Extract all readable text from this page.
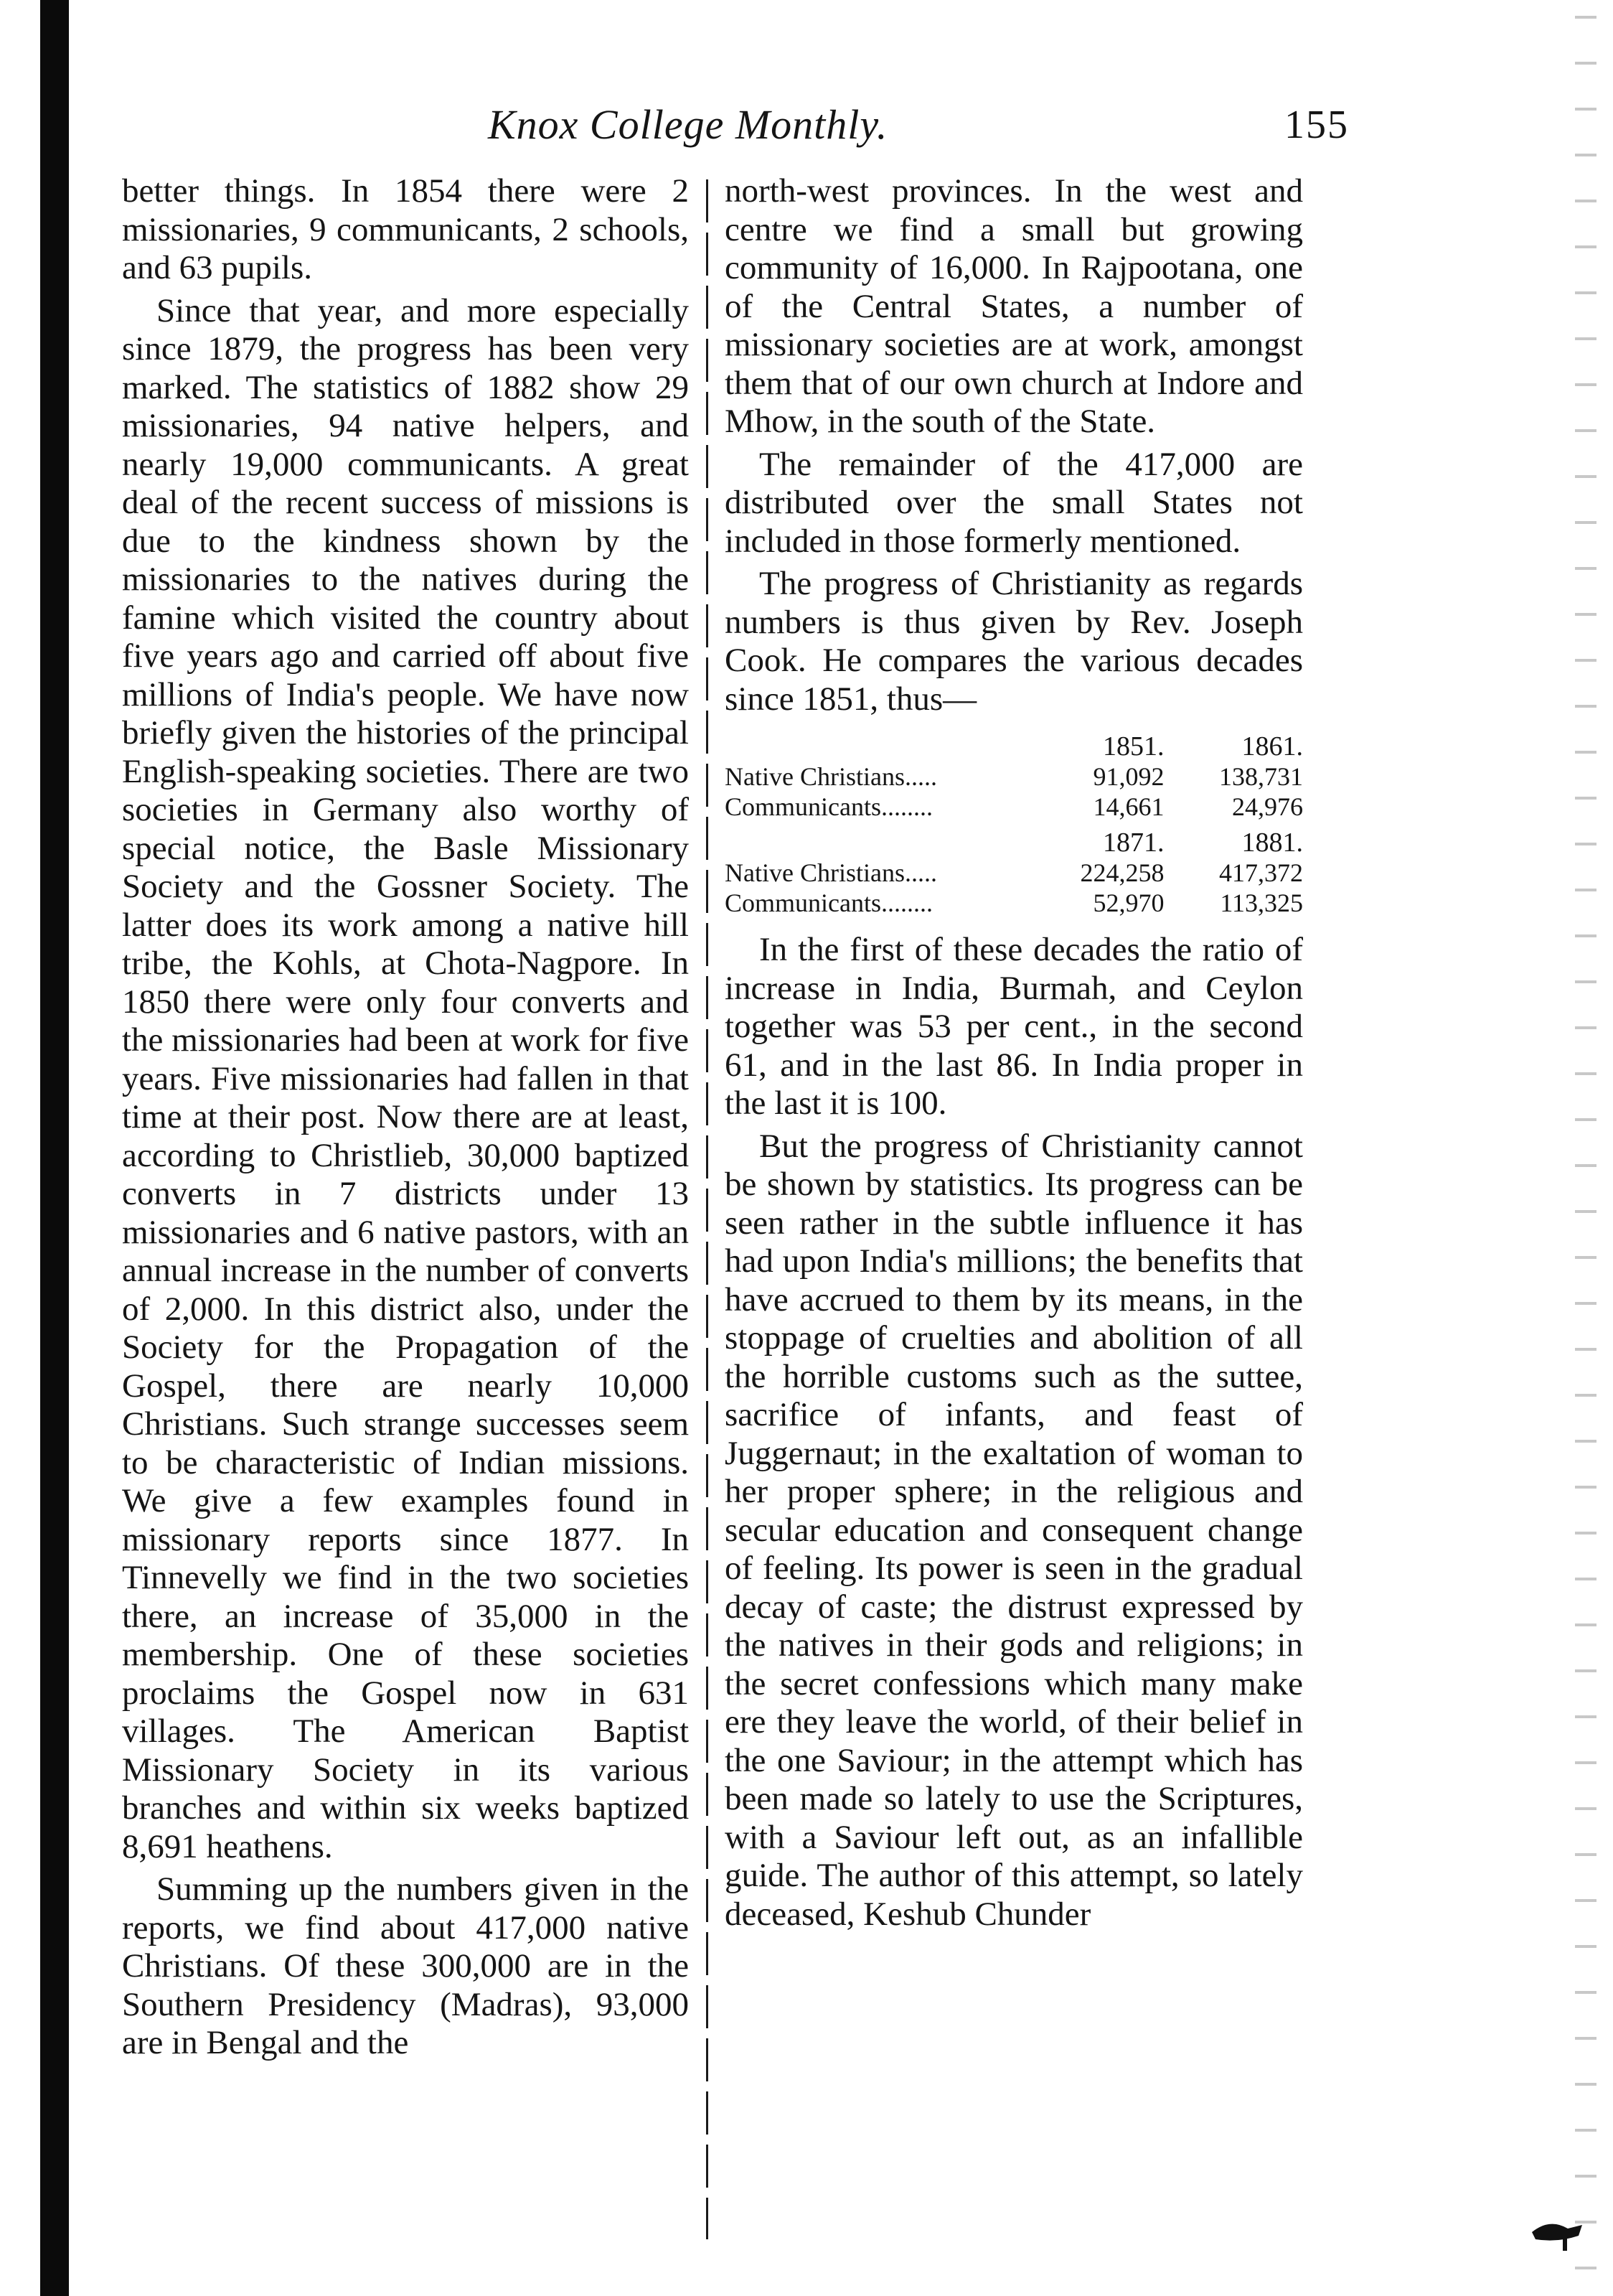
Knox College Monthly.	155

better things. In 1854 there were 2 missionaries, 9 communicants, 2 schools, and 63 pupils.

Since that year, and more especially since 1879, the progress has been very marked. The statistics of 1882 show 29 missionaries, 94 native helpers, and nearly 19,000 communicants. A great deal of the recent success of missions is due to the kindness shown by the missionaries to the natives during the famine which visited the country about five years ago and carried off about five millions of India's people. We have now briefly given the histories of the principal English-speaking societies. There are two societies in Germany also worthy of special notice, the Basle Missionary Society and the Gossner Society. The latter does its work among a native hill tribe, the Kohls, at Chota-Nagpore. In 1850 there were only four converts and the missionaries had been at work for five years. Five missionaries had fallen in that time at their post. Now there are at least, according to Christlieb, 30,000 baptized converts in 7 districts under 13 missionaries and 6 native pastors, with an annual increase in the number of converts of 2,000. In this district also, under the Society for the Propagation of the Gospel, there are nearly 10,000 Christians. Such strange successes seem to be characteristic of Indian missions. We give a few examples found in missionary reports since 1877. In Tinnevelly we find in the two societies there, an increase of 35,000 in the membership. One of these societies proclaims the Gospel now in 631 villages. The American Baptist Missionary Society in its various branches and within six weeks baptized 8,691 heathens.

Summing up the numbers given in the reports, we find about 417,000 native Christians. Of these 300,000 are in the Southern Presidency (Madras), 93,000 are in Bengal and the

north-west provinces. In the west and centre we find a small but growing community of 16,000. In Rajpootana, one of the Central States, a number of missionary societies are at work, amongst them that of our own church at Indore and Mhow, in the south of the State.

The remainder of the 417,000 are distributed over the small States not included in those formerly mentioned.

The progress of Christianity as regards numbers is thus given by Rev. Joseph Cook. He compares the various decades since 1851, thus—

	1851.	1861.
Native Christians.....	91,092	138,731
Communicants........	14,661	24,976
	1871.	1881.
Native Christians.....	224,258	417,372
Communicants........	52,970	113,325

In the first of these decades the ratio of increase in India, Burmah, and Ceylon together was 53 per cent., in the second 61, and in the last 86. In India proper in the last it is 100.

But the progress of Christianity cannot be shown by statistics. Its progress can be seen rather in the subtle influence it has had upon India's millions; the benefits that have accrued to them by its means, in the stoppage of cruelties and abolition of all the horrible customs such as the suttee, sacrifice of infants, and feast of Juggernaut; in the exaltation of woman to her proper sphere; in the religious and secular education and consequent change of feeling. Its power is seen in the gradual decay of caste; the distrust expressed by the natives in their gods and religions; in the secret confessions which many make ere they leave the world, of their belief in the one Saviour; in the attempt which has been made so lately to use the Scriptures, with a Saviour left out, as an infallible guide. The author of this attempt, so lately deceased, Keshub Chunder
